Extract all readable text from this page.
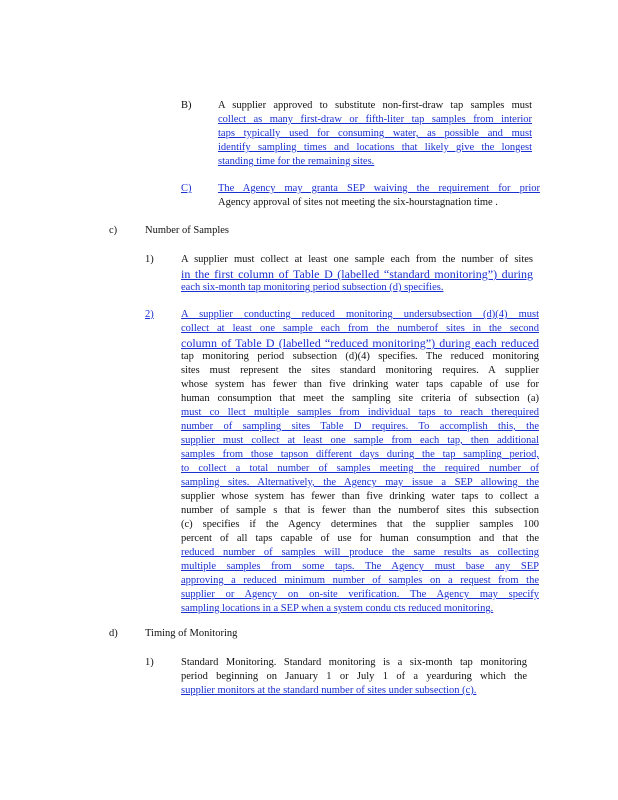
B)	A supplier approved to substitute non-first-draw tap samples must
collect as many first-draw or fifth-liter tap samples from interior
taps typically used for consuming water, as possible and must
identify sampling times and locations that likely give the longest
standing time for the remaining sites.
C)	The Agency may granta SEP waiving the requirement for prior
Agency approval of sites not meeting the six-hourstagnation time .
c)	Number of Samples
1)	A supplier must collect at least one sample each from the number of sites
in the first column of Table D (labelled “standard monitoring”) during
each six-month tap monitoring period subsection (d) specifies.
2)	A supplier conducting reduced monitoring undersubsection (d)(4) must
collect at least one sample each from the numberof sites in the second
column of Table D (labelled “reduced monitoring”) during each reduced
tap monitoring period subsection (d)(4) specifies. The reduced monitoring
sites must represent the sites standard monitoring requires. A supplier
whose system has fewer than five drinking water taps capable of use for
human consumption that meet the sampling site criteria of subsection (a)
must co llect multiple samples from individual taps to reach therequired
number of sampling sites Table D requires. To accomplish this, the
supplier must collect at least one sample from each tap, then additional
samples from those tapson different days during the tap sampling period,
to collect a total number of samples meeting the required number of
sampling sites. Alternatively, the Agency may issue a SEP allowing the
supplier whose system has fewer than five drinking water taps to collect a
number of sample s that is fewer than the numberof sites this subsection
(c) specifies if the Agency determines that the supplier samples 100
percent of all taps capable of use for human consumption and that the
reduced number of samples will produce the same results as collecting
multiple samples from some taps. The Agency must base any SEP
approving a reduced minimum number of samples on a request from the
supplier or Agency on on-site verification. The Agency may specify
sampling locations in a SEP when a system condu cts reduced monitoring.
d)	Timing of Monitoring
1)	Standard Monitoring. Standard monitoring is a six-month tap monitoring
period beginning on January 1 or July 1 of a yearduring which the
supplier monitors at the standard number of sites under subsection (c).
